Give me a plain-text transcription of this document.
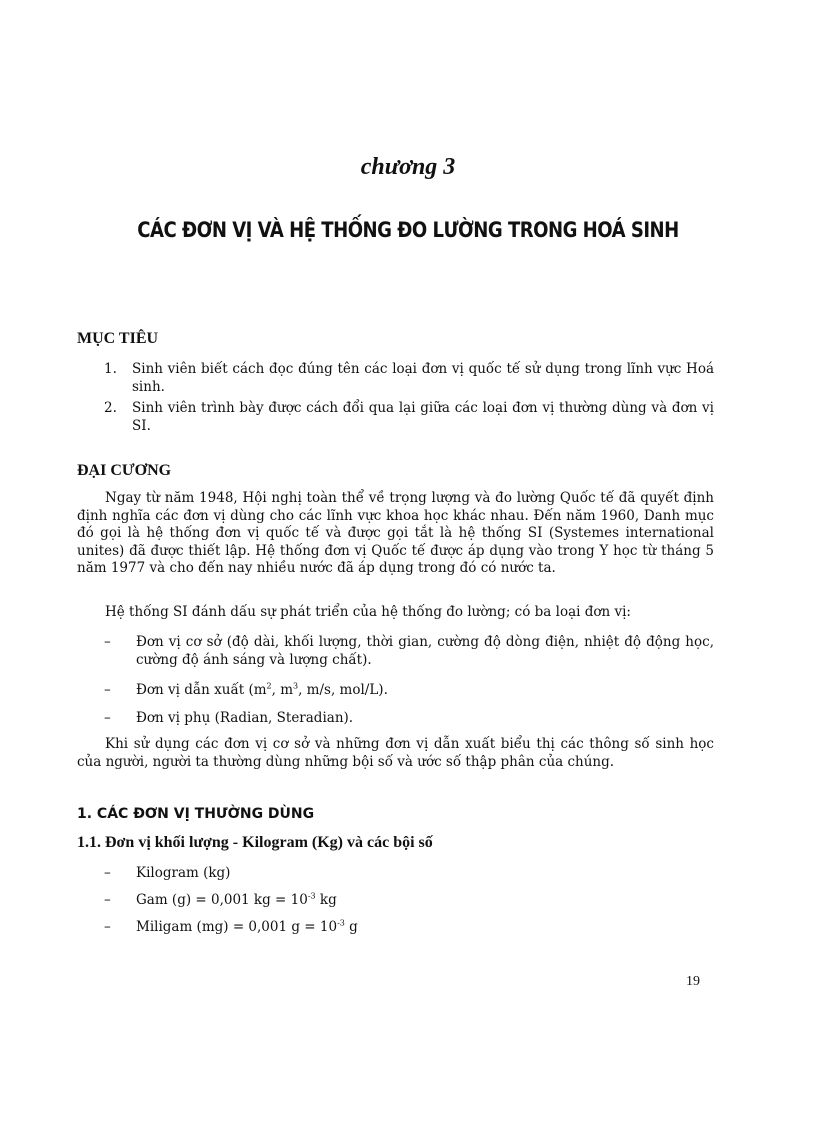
chương 3
CÁC ĐƠN VỊ VÀ HỆ THỐNG ĐO LƯỜNG TRONG HOÁ SINH
MỤC TIÊU
1. Sinh viên biết cách đọc đúng tên các loại đơn vị quốc tế sử dụng trong lĩnh vực Hoá sinh.
2. Sinh viên trình bày được cách đổi qua lại giữa các loại đơn vị thường dùng và đơn vị SI.
ĐẠI CƯƠNG

Ngay từ năm 1948, Hội nghị toàn thể về trọng lượng và đo lường Quốc tế đã quyết định định nghĩa các đơn vị dùng cho các lĩnh vực khoa học khác nhau. Đến năm 1960, Danh mục đó gọi là hệ thống đơn vị quốc tế và được gọi tắt là hệ thống SI (Systemes international unites) đã được thiết lập. Hệ thống đơn vị Quốc tế được áp dụng vào trong Y học từ tháng 5 năm 1977 và cho đến nay nhiều nước đã áp dụng trong đó có nước ta.

Hệ thống SI đánh dấu sự phát triển của hệ thống đo lường; có ba loại đơn vị:

– Đơn vị cơ sở (độ dài, khối lượng, thời gian, cường độ dòng điện, nhiệt độ động học, cường độ ánh sáng và lượng chất).
– Đơn vị dẫn xuất ($m^2$, $m^3$, m/s, mol/L).
– Đơn vị phụ (Radian, Steradian).

Khi sử dụng các đơn vị cơ sở và những đơn vị dẫn xuất biểu thị các thông số sinh học của người, người ta thường dùng những bội số và ước số thập phân của chúng.

1. CÁC ĐƠN VỊ THƯỜNG DÙNG
1.1. Đơn vị khối lượng - Kilogram (Kg) và các bội số
– Kilogram (kg)
– Gam (g) = 0,001 kg = $10^{-3}$ kg
– Miligam (mg) = 0,001 $g = 10^{-3}$ g
19
